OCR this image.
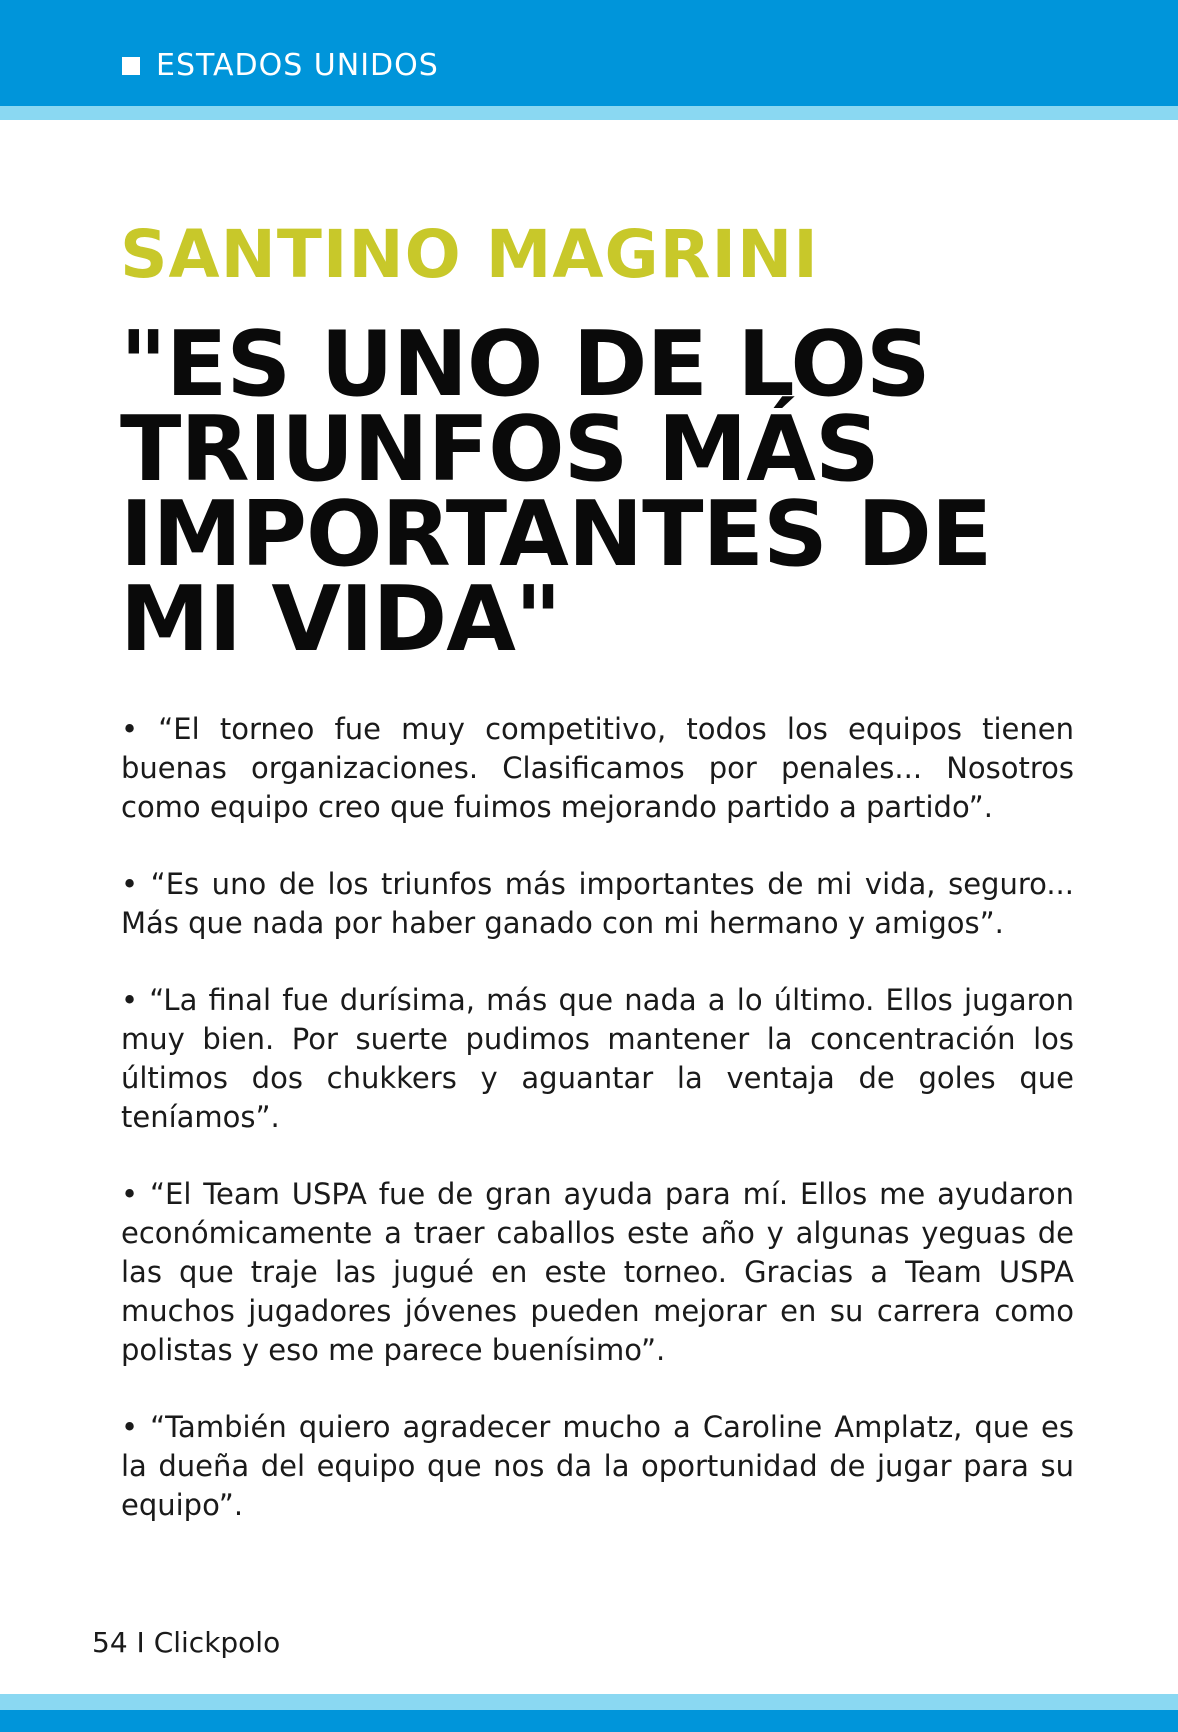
ESTADOS UNIDOS
SANTINO MAGRINI
"ES UNO DE LOS TRIUNFOS MÁS IMPORTANTES DE MI VIDA"

• “El torneo fue muy competitivo, todos los equipos tienen buenas organizaciones. Clasificamos por penales... Nosotros como equipo creo que fuimos mejorando partido a partido”.

• “Es uno de los triunfos más importantes de mi vida, seguro... Más que nada por haber ganado con mi hermano y amigos”.

• “La final fue durísima, más que nada a lo último. Ellos jugaron muy bien. Por suerte pudimos mantener la concentración los últimos dos chukkers y aguantar la ventaja de goles que teníamos”.

• “El Team USPA fue de gran ayuda para mí. Ellos me ayudaron económicamente a traer caballos este año y algunas yeguas de las que traje las jugué en este torneo. Gracias a Team USPA muchos jugadores jóvenes pueden mejorar en su carrera como polistas y eso me parece buenísimo”.

• “También quiero agradecer mucho a Caroline Amplatz, que es la dueña del equipo que nos da la oportunidad de jugar para su equipo”.

54 I Clickpolo
